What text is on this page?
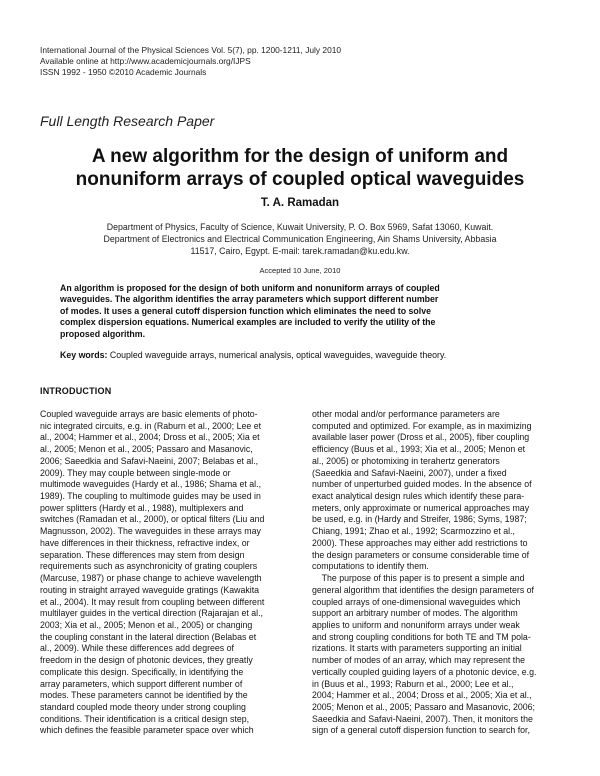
International Journal of the Physical Sciences Vol. 5(7), pp. 1200-1211, July 2010
Available online at http://www.academicjournals.org/IJPS
ISSN 1992 - 1950 ©2010 Academic Journals
Full Length Research Paper
A new algorithm for the design of uniform and
nonuniform arrays of coupled optical waveguides
T. A. Ramadan
Department of Physics, Faculty of Science, Kuwait University, P. O. Box 5969, Safat 13060, Kuwait.
Department of Electronics and Electrical Communication Engineering, Ain Shams University, Abbasia
11517, Cairo, Egypt. E-mail: tarek.ramadan@ku.edu.kw.
Accepted 10 June, 2010
An algorithm is proposed for the design of both uniform and nonuniform arrays of coupled
waveguides. The algorithm identifies the array parameters which support different number
of modes. It uses a general cutoff dispersion function which eliminates the need to solve
complex dispersion equations. Numerical examples are included to verify the utility of the
proposed algorithm.
Key words: Coupled waveguide arrays, numerical analysis, optical waveguides, waveguide theory.
INTRODUCTION
Coupled waveguide arrays are basic elements of photo-
nic integrated circuits, e.g. in (Raburn et al., 2000; Lee et
al., 2004; Hammer et al., 2004; Dross et al., 2005; Xia et
al., 2005; Menon et al., 2005; Passaro and Masanovic,
2006; Saeedkia and Safavi-Naeini, 2007; Belabas et al.,
2009). They may couple between single-mode or
multimode waveguides (Hardy et al., 1986; Shama et al.,
1989). The coupling to multimode guides may be used in
power splitters (Hardy et al., 1988), multiplexers and
switches (Ramadan et al., 2000), or optical filters (Liu and
Magnusson, 2002). The waveguides in these arrays may
have differences in their thickness, refractive index, or
separation. These differences may stem from design
requirements such as asynchronicity of grating couplers
(Marcuse, 1987) or phase change to achieve wavelength
routing in straight arrayed waveguide gratings (Kawakita
et al., 2004). It may result from coupling between different
multilayer guides in the vertical direction (Rajarajan et al.,
2003; Xia et al., 2005; Menon et al., 2005) or changing
the coupling constant in the lateral direction (Belabas et
al., 2009). While these differences add degrees of
freedom in the design of photonic devices, they greatly
complicate this design. Specifically, in identifying the
array parameters, which support different number of
modes. These parameters cannot be identified by the
standard coupled mode theory under strong coupling
conditions. Their identification is a critical design step,
which defines the feasible parameter space over which
other modal and/or performance parameters are
computed and optimized. For example, as in maximizing
available laser power (Dross et al., 2005), fiber coupling
efficiency (Buus et al., 1993; Xia et al., 2005; Menon et
al., 2005) or photomixing in terahertz generators
(Saeedkia and Safavi-Naeini, 2007), under a fixed
number of unperturbed guided modes. In the absence of
exact analytical design rules which identify these para-
meters, only approximate or numerical approaches may
be used, e.g. in (Hardy and Streifer, 1986; Syms, 1987;
Chiang, 1991; Zhao et al., 1992; Scarmozzino et al.,
2000). These approaches may either add restrictions to
the design parameters or consume considerable time of
computations to identify them.
The purpose of this paper is to present a simple and
general algorithm that identifies the design parameters of
coupled arrays of one-dimensional waveguides which
support an arbitrary number of modes. The algorithm
applies to uniform and nonuniform arrays under weak
and strong coupling conditions for both TE and TM pola-
rizations. It starts with parameters supporting an initial
number of modes of an array, which may represent the
vertically coupled guiding layers of a photonic device, e.g.
in (Buus et al., 1993; Raburn et al., 2000; Lee et al.,
2004; Hammer et al., 2004; Dross et al., 2005; Xia et al.,
2005; Menon et al., 2005; Passaro and Masanovic, 2006;
Saeedkia and Safavi-Naeini, 2007). Then, it monitors the
sign of a general cutoff dispersion function to search for,
